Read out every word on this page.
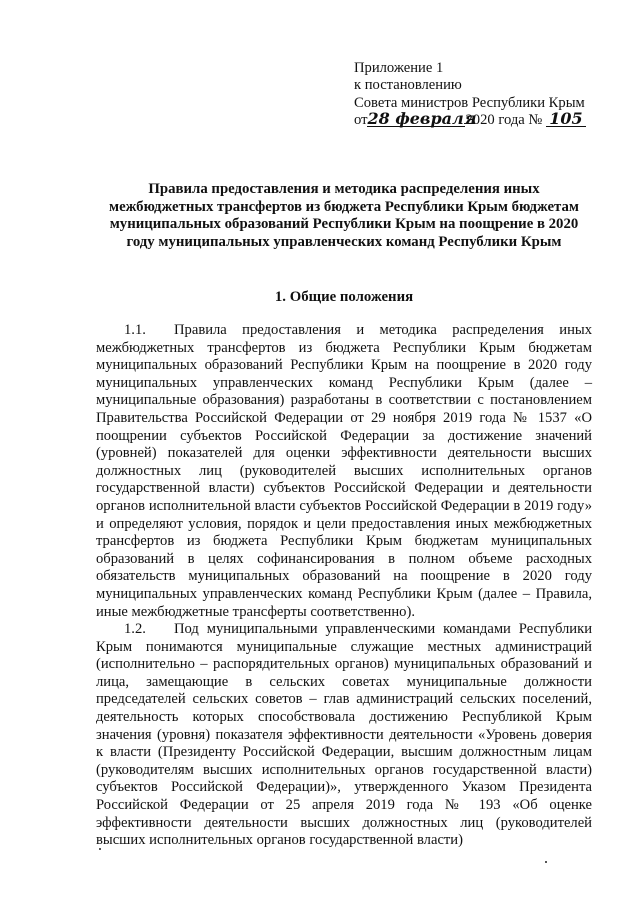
Приложение 1
к постановлению
Совета министров Республики Крым
от28 февраля2020 года № 105
Правила предоставления и методика распределения иных межбюджетных трансфертов из бюджета Республики Крым бюджетам муниципальных образований Республики Крым на поощрение в 2020 году муниципальных управленческих команд Республики Крым
1. Общие положения

1.1. Правила предоставления и методика распределения иных межбюджетных трансфертов из бюджета Республики Крым бюджетам муниципальных образований Республики Крым на поощрение в 2020 году муниципальных управленческих команд Республики Крым (далее – муниципальные образования) разработаны в соответствии с постановлением Правительства Российской Федерации от 29 ноября 2019 года № 1537 «О поощрении субъектов Российской Федерации за достижение значений (уровней) показателей для оценки эффективности деятельности высших должностных лиц (руководителей высших исполнительных органов государственной власти) субъектов Российской Федерации и деятельности органов исполнительной власти субъектов Российской Федерации в 2019 году» и определяют условия, порядок и цели предоставления иных межбюджетных трансфертов из бюджета Республики Крым бюджетам муниципальных образований в целях софинансирования в полном объеме расходных обязательств муниципальных образований на поощрение в 2020 году муниципальных управленческих команд Республики Крым (далее – Правила, иные межбюджетные трансферты соответственно).

1.2. Под муниципальными управленческими командами Республики Крым понимаются муниципальные служащие местных администраций (исполнительно – распорядительных органов) муниципальных образований и лица, замещающие в сельских советах муниципальные должности председателей сельских советов – глав администраций сельских поселений, деятельность которых способствовала достижению Республикой Крым значения (уровня) показателя эффективности деятельности «Уровень доверия к власти (Президенту Российской Федерации, высшим должностным лицам (руководителям высших исполнительных органов государственной власти) субъектов Российской Федерации)», утвержденного Указом Президента Российской Федерации от 25 апреля 2019 года № 193 «Об оценке эффективности деятельности высших должностных лиц (руководителей высших исполнительных органов государственной власти)
